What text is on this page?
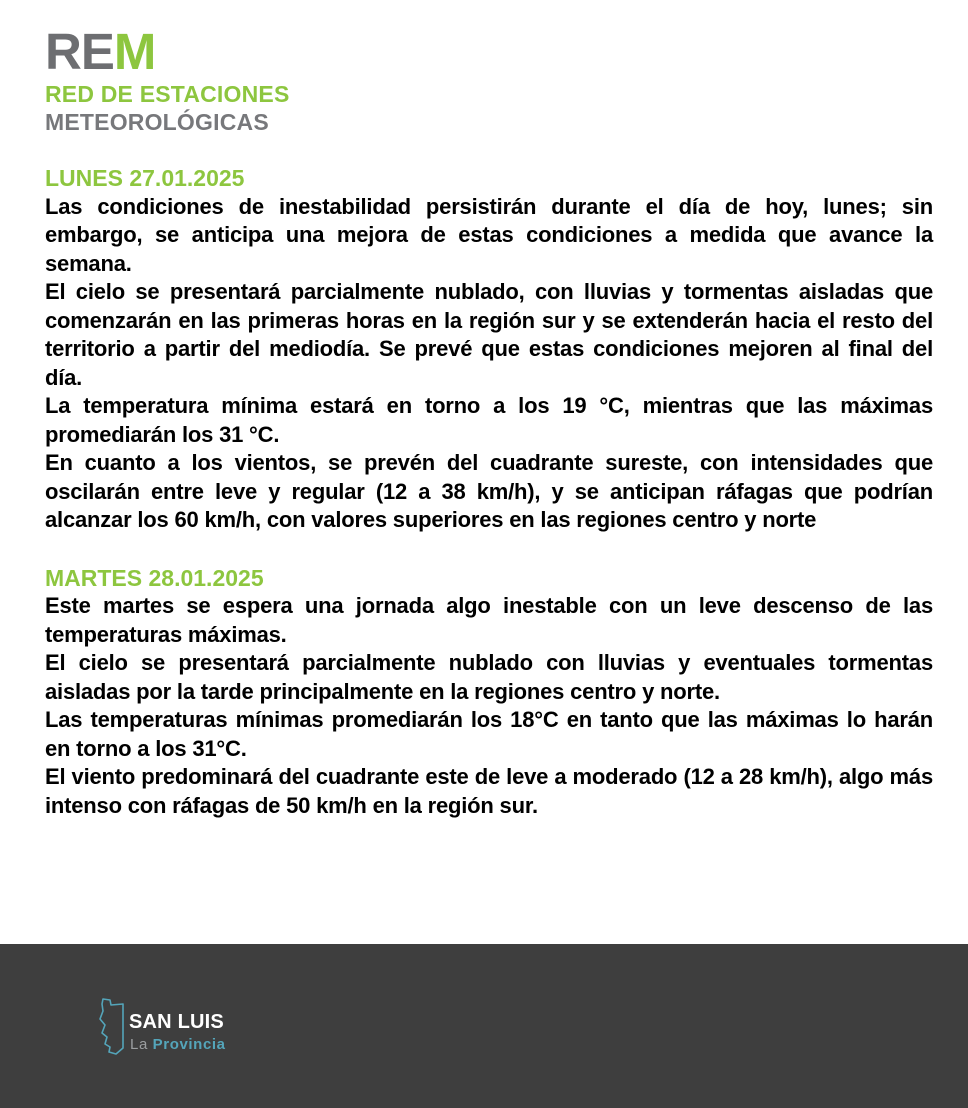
REM
RED DE ESTACIONES
METEOROLÓGICAS
LUNES 27.01.2025

Las condiciones de inestabilidad persistirán durante el día de hoy, lunes; sin embargo, se anticipa una mejora de estas condiciones a medida que avance la semana.

El cielo se presentará parcialmente nublado, con lluvias y tormentas aisladas que comenzarán en las primeras horas en la región sur y se extenderán hacia el resto del territorio a partir del mediodía. Se prevé que estas condiciones mejoren al final del día.

La temperatura mínima estará en torno a los 19 °C, mientras que las máximas promediarán los 31 °C.

En cuanto a los vientos, se prevén del cuadrante sureste, con intensidades que oscilarán entre leve y regular (12 a 38 km/h), y se anticipan ráfagas que podrían alcanzar los 60 km/h, con valores superiores en las regiones centro y norte

MARTES 28.01.2025

Este martes se espera una jornada algo inestable con un leve descenso de las temperaturas máximas.

El cielo se presentará parcialmente nublado con lluvias y eventuales tormentas aisladas por la tarde principalmente en la regiones centro y norte.

Las temperaturas mínimas promediarán los 18°C en tanto que las máximas lo harán en torno a los 31°C.

El viento predominará del cuadrante este de leve a moderado (12 a 28 km/h), algo más intenso con ráfagas de 50 km/h en la región sur.

SAN LUIS
La Provincia
